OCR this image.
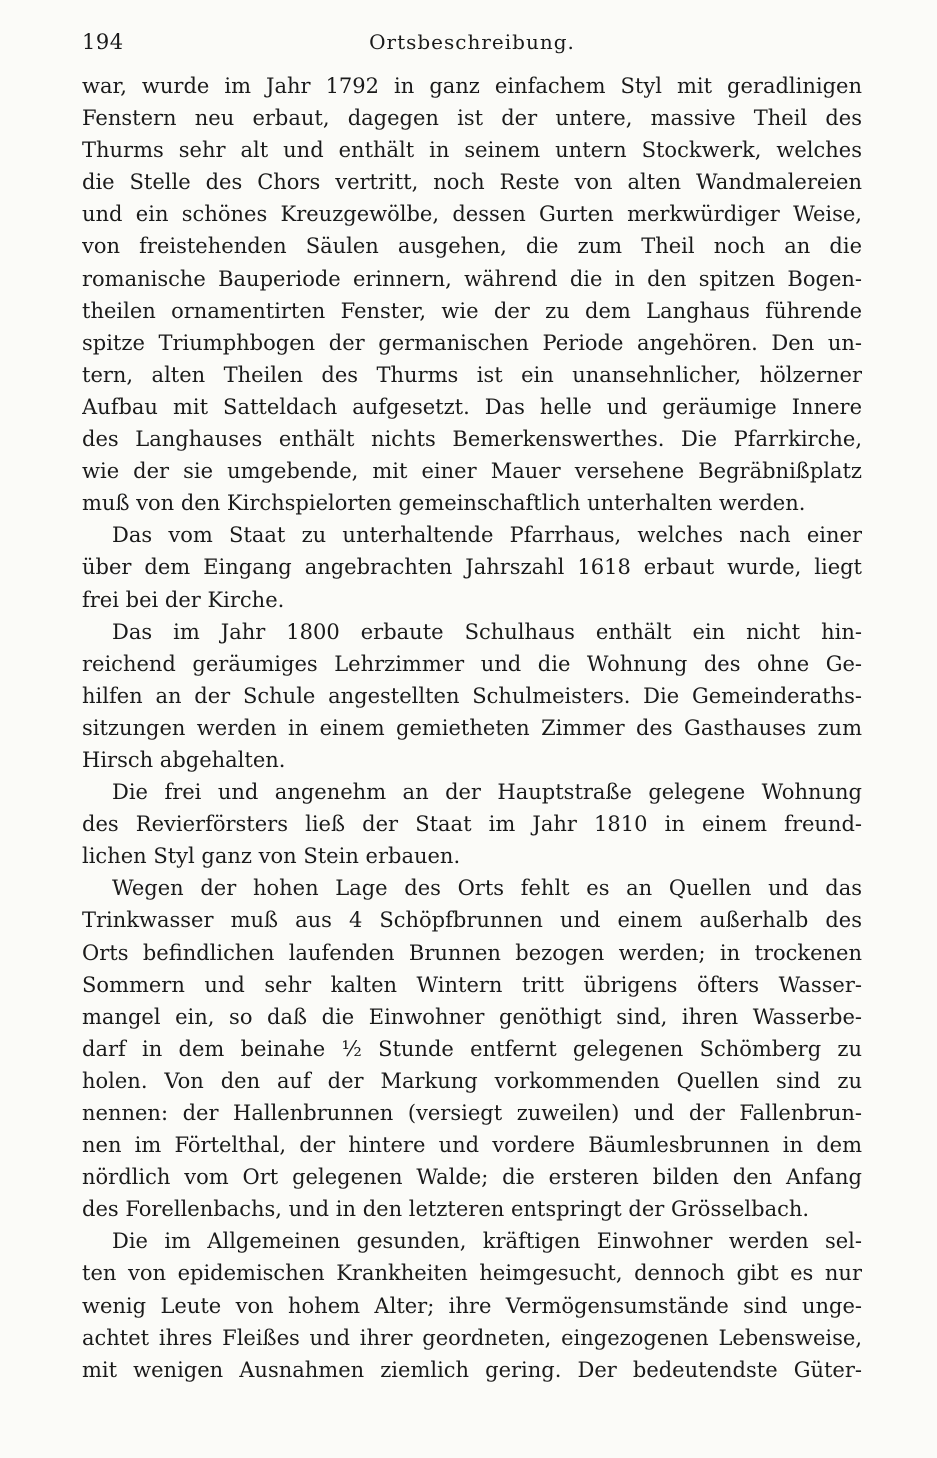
194	Ortsbeschreibung.
war, wurde im Jahr 1792 in ganz einfachem Styl mit geradlinigen
Fenstern neu erbaut, dagegen ist der untere, massive Theil des
Thurms sehr alt und enthält in seinem untern Stockwerk, welches
die Stelle des Chors vertritt, noch Reste von alten Wandmalereien
und ein schönes Kreuzgewölbe, dessen Gurten merkwürdiger Weise,
von freistehenden Säulen ausgehen, die zum Theil noch an die
romanische Bauperiode erinnern, während die in den spitzen Bogen-
theilen ornamentirten Fenster, wie der zu dem Langhaus führende
spitze Triumphbogen der germanischen Periode angehören. Den un-
tern, alten Theilen des Thurms ist ein unansehnlicher, hölzerner
Aufbau mit Satteldach aufgesetzt. Das helle und geräumige Innere
des Langhauses enthält nichts Bemerkenswerthes. Die Pfarrkirche,
wie der sie umgebende, mit einer Mauer versehene Begräbnißplatz
muß von den Kirchspielorten gemeinschaftlich unterhalten werden.
Das vom Staat zu unterhaltende Pfarrhaus, welches nach einer
über dem Eingang angebrachten Jahrszahl 1618 erbaut wurde, liegt
frei bei der Kirche.
Das im Jahr 1800 erbaute Schulhaus enthält ein nicht hin-
reichend geräumiges Lehrzimmer und die Wohnung des ohne Ge-
hilfen an der Schule angestellten Schulmeisters. Die Gemeinderaths-
sitzungen werden in einem gemietheten Zimmer des Gasthauses zum
Hirsch abgehalten.
Die frei und angenehm an der Hauptstraße gelegene Wohnung
des Revierförsters ließ der Staat im Jahr 1810 in einem freund-
lichen Styl ganz von Stein erbauen.
Wegen der hohen Lage des Orts fehlt es an Quellen und das
Trinkwasser muß aus 4 Schöpfbrunnen und einem außerhalb des
Orts befindlichen laufenden Brunnen bezogen werden; in trockenen
Sommern und sehr kalten Wintern tritt übrigens öfters Wasser-
mangel ein, so daß die Einwohner genöthigt sind, ihren Wasserbe-
darf in dem beinahe ½ Stunde entfernt gelegenen Schömberg zu
holen. Von den auf der Markung vorkommenden Quellen sind zu
nennen: der Hallenbrunnen (versiegt zuweilen) und der Fallenbrun-
nen im Förtelthal, der hintere und vordere Bäumlesbrunnen in dem
nördlich vom Ort gelegenen Walde; die ersteren bilden den Anfang
des Forellenbachs, und in den letzteren entspringt der Grösselbach.
Die im Allgemeinen gesunden, kräftigen Einwohner werden sel-
ten von epidemischen Krankheiten heimgesucht, dennoch gibt es nur
wenig Leute von hohem Alter; ihre Vermögensumstände sind unge-
achtet ihres Fleißes und ihrer geordneten, eingezogenen Lebensweise,
mit wenigen Ausnahmen ziemlich gering. Der bedeutendste Güter-
